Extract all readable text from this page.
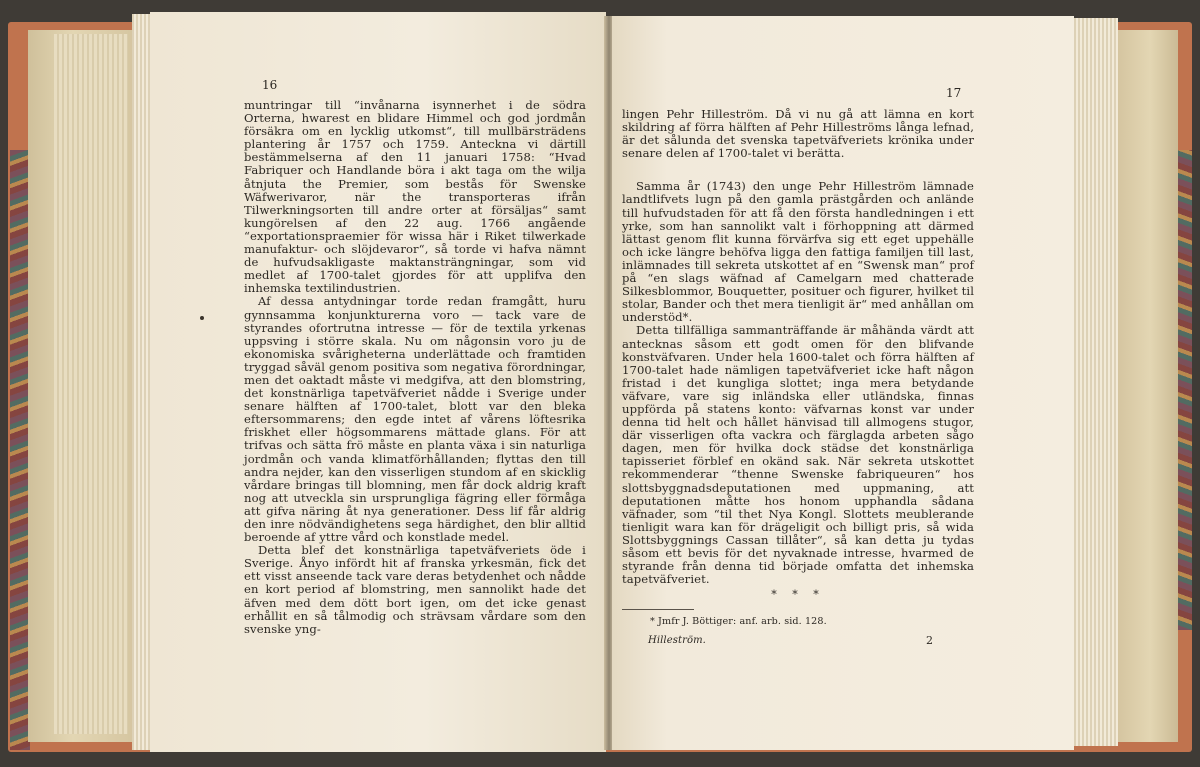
16

muntringar till “invånarna isynnerhet i de södra Orterna, hwarest en blidare Himmel och god jordmån försäkra om en lycklig utkomst“, till mullbärsträdens plantering år 1757 och 1759. Anteckna vi därtill bestämmelserna af den 11 januari 1758: “Hvad Fabriquer och Handlande böra i akt taga om the wilja åtnjuta the Premier, som bestås för Swenske Wäfwerivaror, när the transporteras ifrån Tilwerkningsorten till andre orter at försäljas“ samt kungörelsen af den 22 aug. 1766 angående “exportationspraemier för wissa här i Riket tilwerkade manufaktur- och slöjdevaror“, så torde vi hafva nämnt de hufvudsakligaste maktansträngningar, som vid medlet af 1700-talet gjordes för att upplifva den inhemska textilindustrien.

Af dessa antydningar torde redan framgått, huru gynnsamma konjunkturerna voro — tack vare de styrandes ofortrutna intresse — för de textila yrkenas uppsving i större skala. Nu om någonsin voro ju de ekonomiska svårigheterna underlättade och framtiden tryggad såväl genom positiva som negativa förordningar, men det oaktadt måste vi medgifva, att den blomstring, det konstnärliga tapetväfveriet nådde i Sverige under senare hälften af 1700-talet, blott var den bleka eftersommarens; den egde intet af vårens löftesrika friskhet eller högsommarens mättade glans. För att trifvas och sätta frö måste en planta växa i sin naturliga jordmån och vanda klimatförhållanden; flyttas den till andra nejder, kan den visserligen stundom af en skicklig vårdare bringas till blomning, men får dock aldrig kraft nog att utveckla sin ursprungliga fägring eller förmåga att gifva näring åt nya generationer. Dess lif får aldrig den inre nödvändighetens sega härdighet, den blir alltid beroende af yttre vård och konstlade medel.

Detta blef det konstnärliga tapetväfveriets öde i Sverige. Ånyo infördt hit af franska yrkesmän, fick det ett visst anseende tack vare deras betydenhet och nådde en kort period af blomstring, men sannolikt hade det äfven med dem dött bort igen, om det icke genast erhållit en så tålmodig och strävsam vårdare som den svenske yng-

17

lingen Pehr Hilleström. Då vi nu gå att lämna en kort skildring af förra hälften af Pehr Hilleströms långa lefnad, är det sålunda det svenska tapetväfveriets krönika under senare delen af 1700-talet vi berätta.

Samma år (1743) den unge Pehr Hilleström lämnade landtlifvets lugn på den gamla prästgården och anlände till hufvudstaden för att få den första handledningen i ett yrke, som han sannolikt valt i förhoppning att därmed lättast genom flit kunna förvärfva sig ett eget uppehälle och icke längre behöfva ligga den fattiga familjen till last, inlämnades till sekreta utskottet af en “Swensk man“ prof på “en slags wäfnad af Camelgarn med chatterade Silkesblommor, Bouquetter, posituer och figurer, hvilket til stolar, Bander och thet mera tienligit är“ med anhållan om understöd*.

Detta tillfälliga sammanträffande är måhända värdt att antecknas såsom ett godt omen för den blifvande konstväfvaren. Under hela 1600-talet och förra hälften af 1700-talet hade nämligen tapetväfveriet icke haft någon fristad i det kungliga slottet; inga mera betydande väfvare, vare sig inländska eller utländska, finnas uppförda på statens konto: väfvarnas konst var under denna tid helt och hållet hänvisad till allmogens stugor, där visserligen ofta vackra och färglagda arbeten sågo dagen, men för hvilka dock städse det konstnärliga tapisseriet förblef en okänd sak. När sekreta utskottet rekommenderar “thenne Swenske fabriqueuren“ hos slottsbyggnadsdeputationen med uppmaning, att deputationen måtte hos honom upphandla sådana väfnader, som “til thet Nya Kongl. Slottets meublerande tienligit wara kan för drägeligit och billigt pris, så wida Slottsbyggnings Cassan tillåter“, så kan detta ju tydas såsom ett bevis för det nyvaknade intresse, hvarmed de styrande från denna tid började omfatta det inhemska tapetväfveriet.

* * *
* Jmfr J. Böttiger: anf. arb. sid. 128.
Hilleström.	2
